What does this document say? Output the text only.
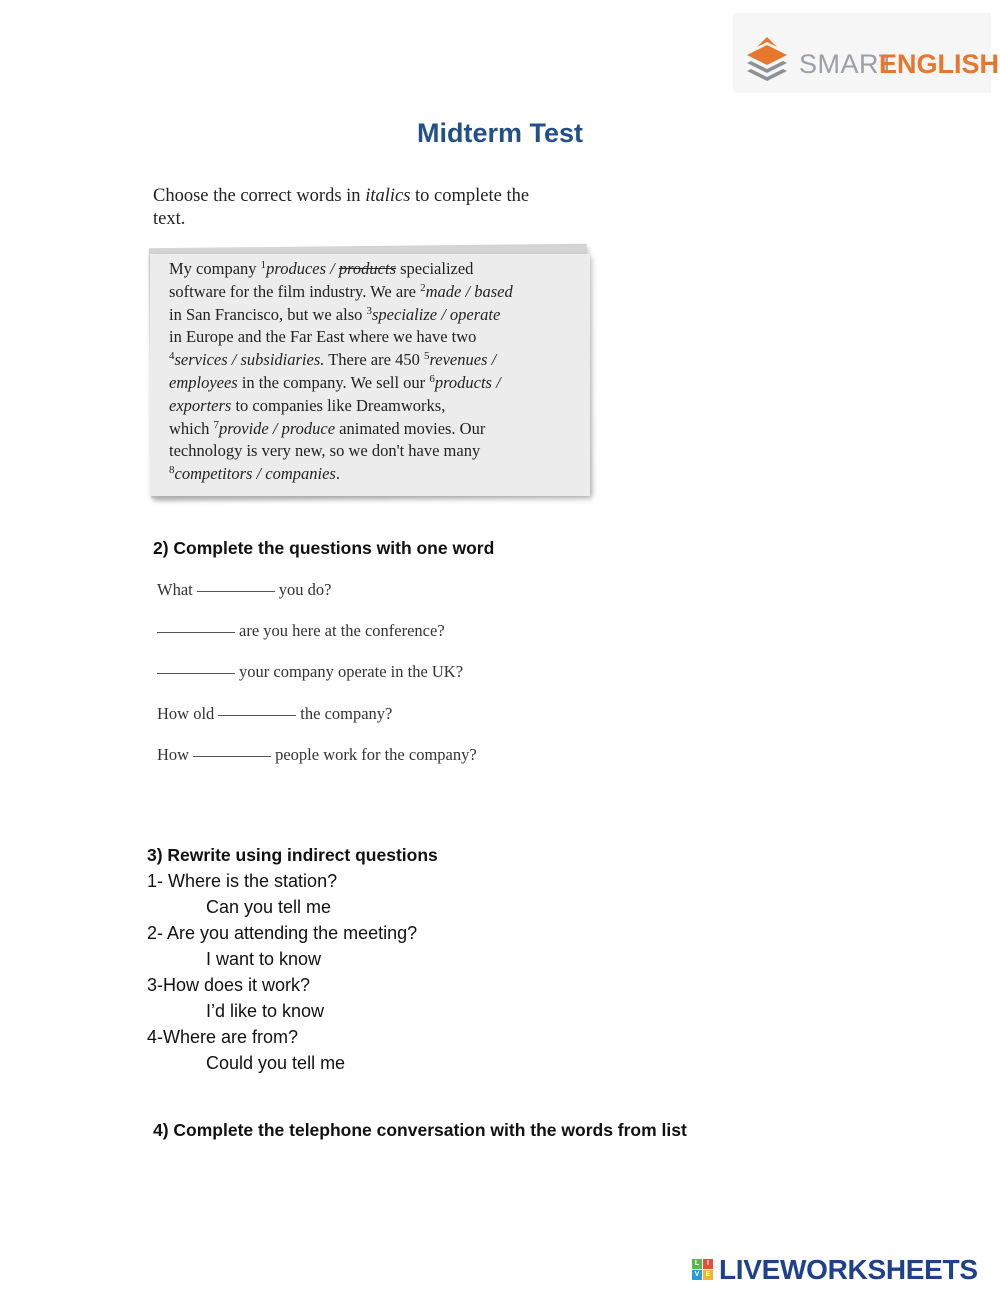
SMART
ENGLISH
Midterm Test
Choose the correct words in italics to complete the
text.
My company $^1$produces / products specialized
software for the film industry. We are $^2$made / based
in San Francisco, but we also $^3$specialize / operate
in Europe and the Far East where we have two
$^4$services / subsidiaries. There are 450 $^5$revenues /
employees in the company. We sell our $^6$products /
exporters to companies like Dreamworks,
which $^7$provide / produce animated movies. Our
technology is very new, so we don't have many
$^8$competitors / companies.
2) Complete the questions with one word
What	you do?
are you here at the conference?
your company operate in the UK?
How old	the company?
How	people work for the company?
3) Rewrite using indirect questions
1- Where is the station?
Can you tell me
2- Are you attending the meeting?
I want to know
3-How does it work?
I’d like to know
4-Where are from?
Could you tell me
4) Complete the telephone conversation with the words from list
L	I
V E LIVEWORKSHEETS
